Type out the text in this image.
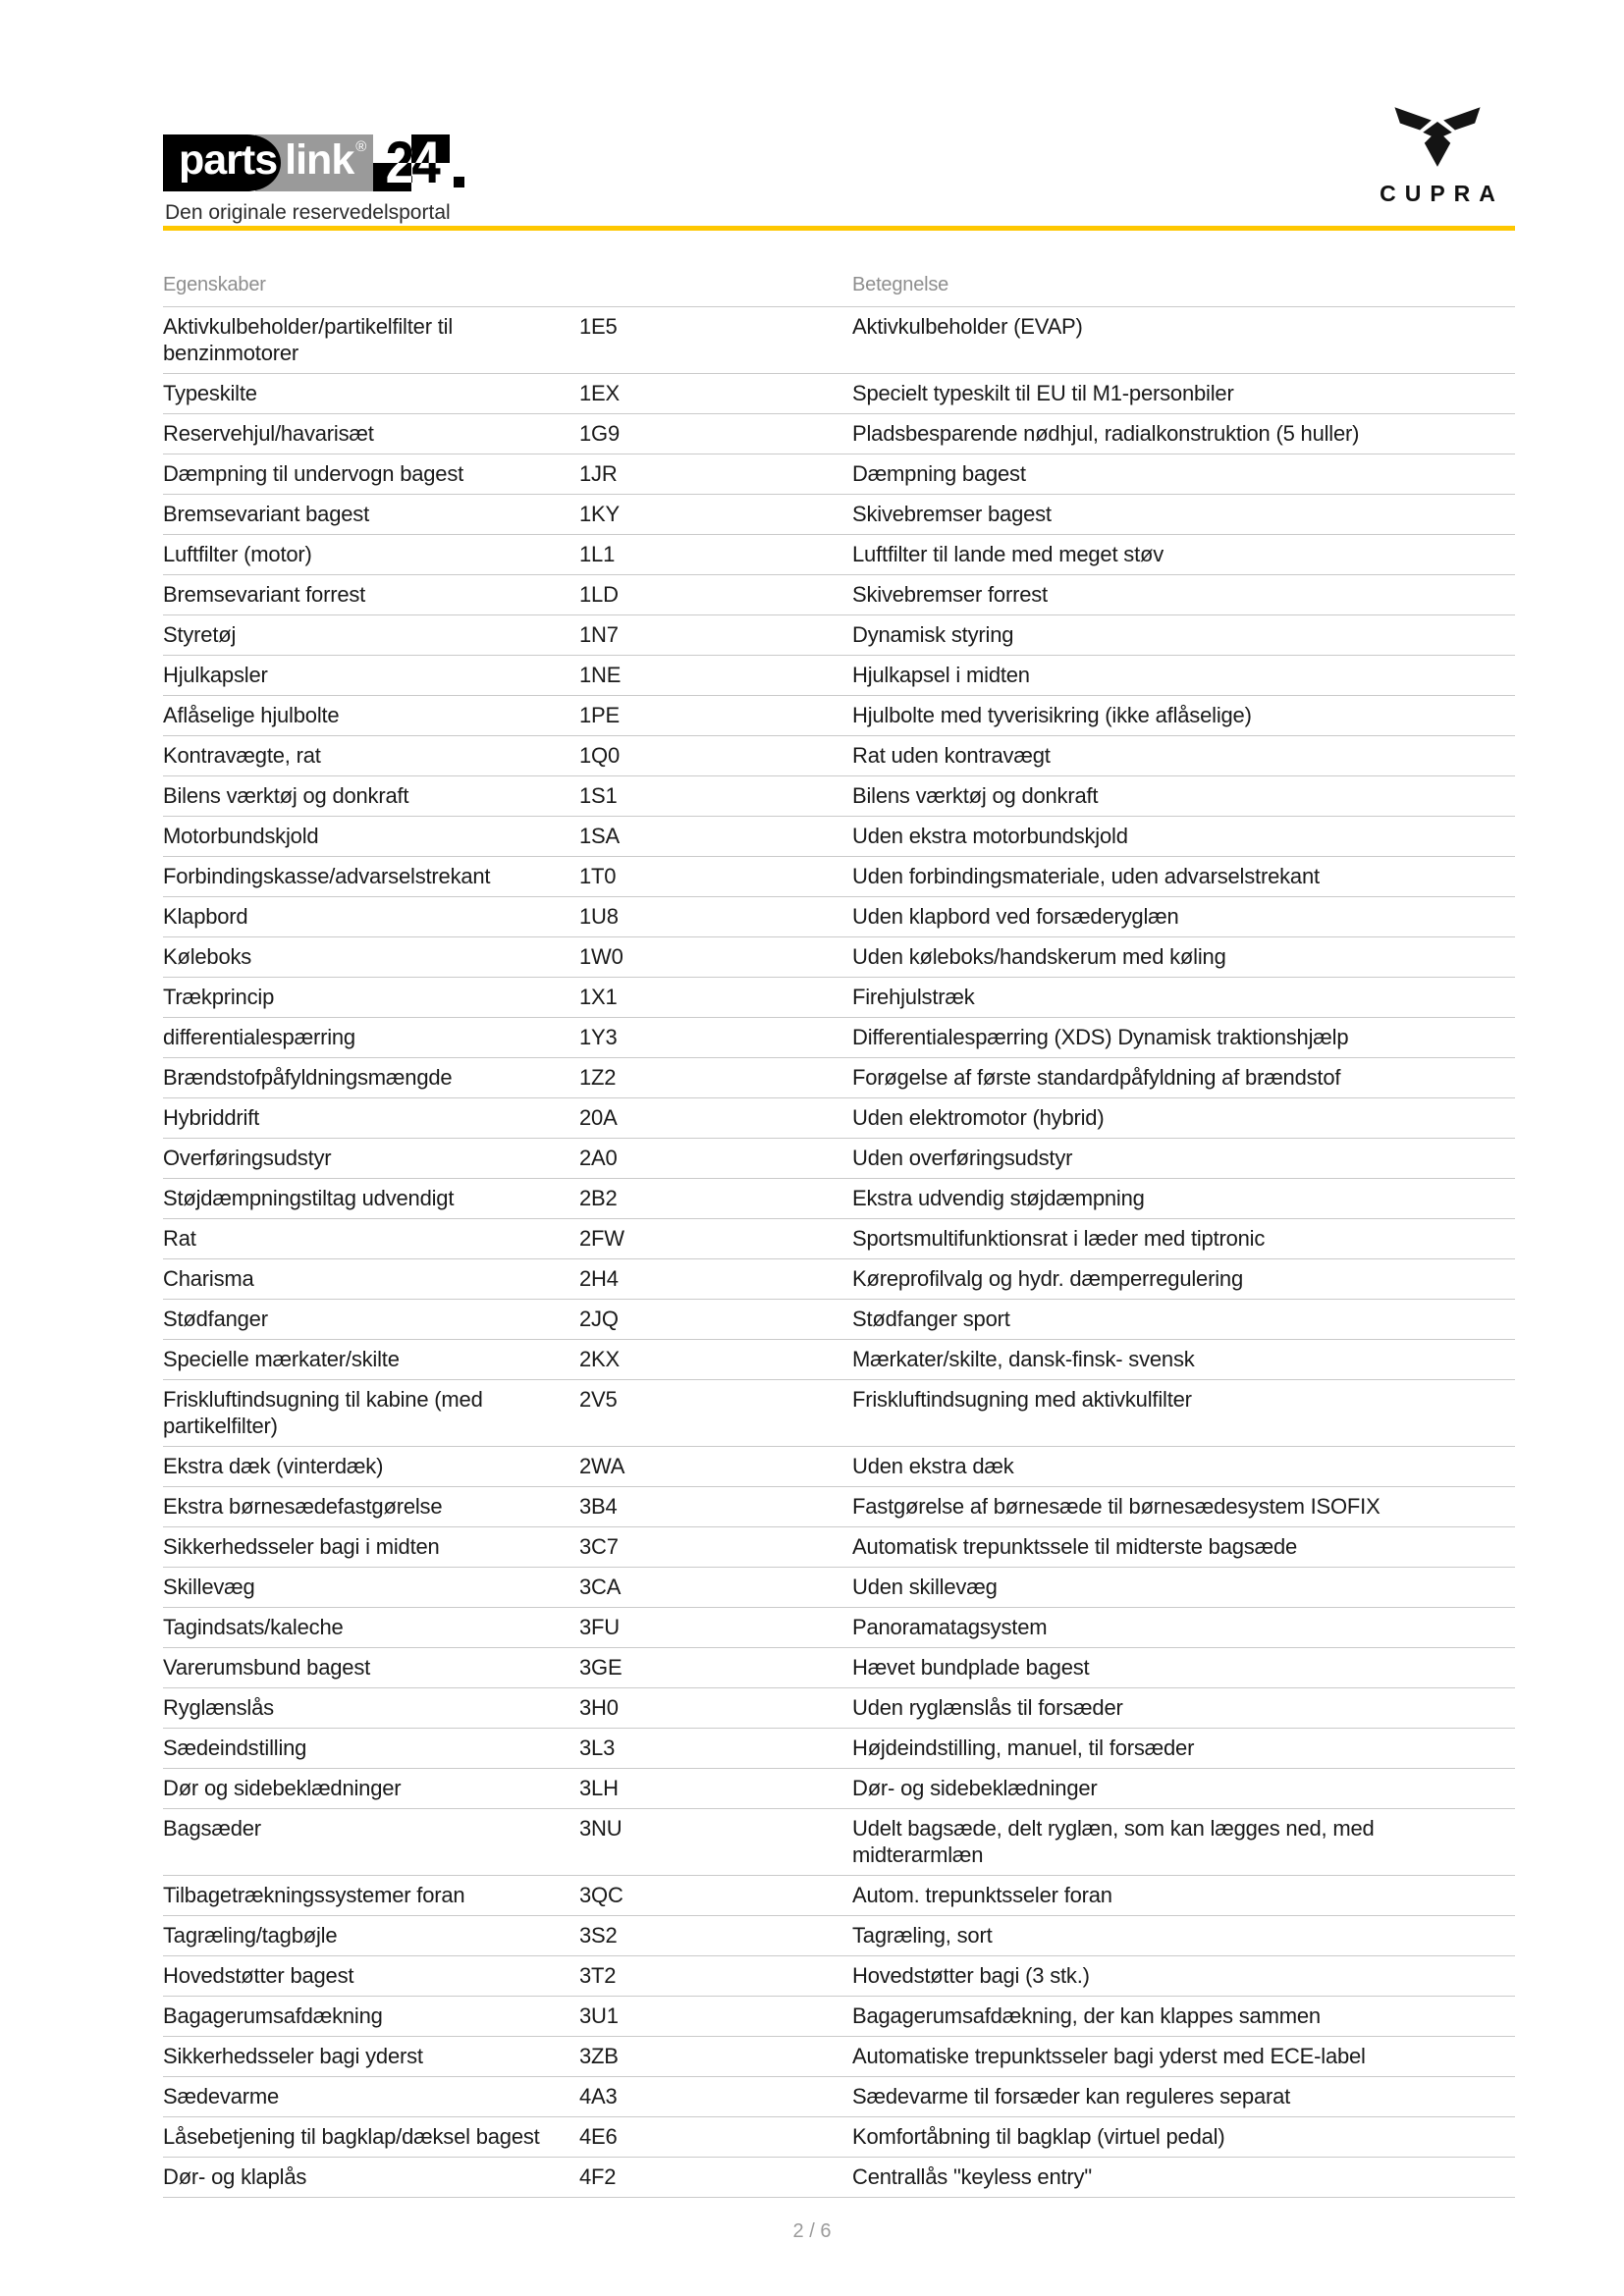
parts link ® 24
Den originale reservedelsportal
CUPRA
Egenskaber	Betegnelse
Aktivkulbeholder/partikelfilter til benzinmotorer
1E5	Aktivkulbeholder (EVAP)
Typeskilte	1EX	Specielt typeskilt til EU til M1-personbiler
Reservehjul/havarisæt	1G9	Pladsbesparende nødhjul, radialkonstruktion (5 huller)
Dæmpning til undervogn bagest	1JR	Dæmpning bagest
Bremsevariant bagest	1KY	Skivebremser bagest
Luftfilter (motor)	1L1	Luftfilter til lande med meget støv
Bremsevariant forrest	1LD	Skivebremser forrest
Styretøj	1N7	Dynamisk styring
Hjulkapsler	1NE	Hjulkapsel i midten
Aflåselige hjulbolte	1PE	Hjulbolte med tyverisikring (ikke aflåselige)
Kontravægte, rat	1Q0	Rat uden kontravægt
Bilens værktøj og donkraft	1S1	Bilens værktøj og donkraft
Motorbundskjold	1SA	Uden ekstra motorbundskjold
Forbindingskasse/advarselstrekant	1T0	Uden forbindingsmateriale, uden advarselstrekant
Klapbord	1U8	Uden klapbord ved forsæderyglæn
Køleboks	1W0	Uden køleboks/handskerum med køling
Trækprincip	1X1	Firehjulstræk
differentialespærring	1Y3	Differentialespærring (XDS) Dynamisk traktionshjælp
Brændstofpåfyldningsmængde	1Z2	Forøgelse af første standardpåfyldning af brændstof
Hybriddrift	20A	Uden elektromotor (hybrid)
Overføringsudstyr	2A0	Uden overføringsudstyr
Støjdæmpningstiltag udvendigt	2B2	Ekstra udvendig støjdæmpning
Rat	2FW	Sportsmultifunktionsrat i læder med tiptronic
Charisma	2H4	Køreprofilvalg og hydr. dæmperregulering
Stødfanger	2JQ	Stødfanger sport
Specielle mærkater/skilte	2KX	Mærkater/skilte, dansk-finsk- svensk
Friskluftindsugning til kabine (med partikelfilter)
2V5	Friskluftindsugning med aktivkulfilter
Ekstra dæk (vinterdæk)	2WA	Uden ekstra dæk
Ekstra børnesædefastgørelse	3B4	Fastgørelse af børnesæde til børnesædesystem ISOFIX
Sikkerhedsseler bagi i midten	3C7	Automatisk trepunktssele til midterste bagsæde
Skillevæg	3CA	Uden skillevæg
Tagindsats/kaleche	3FU	Panoramatagsystem
Varerumsbund bagest	3GE	Hævet bundplade bagest
Ryglænslås	3H0	Uden ryglænslås til forsæder
Sædeindstilling	3L3	Højdeindstilling, manuel, til forsæder
Dør og sidebeklædninger	3LH	Dør- og sidebeklædninger
Bagsæder	3NU	Udelt bagsæde, delt ryglæn, som kan lægges ned, med midterarmlæn
Tilbagetrækningssystemer foran	3QC	Autom. trepunktsseler foran
Tagræling/tagbøjle	3S2	Tagræling, sort
Hovedstøtter bagest	3T2	Hovedstøtter bagi (3 stk.)
Bagagerumsafdækning	3U1	Bagagerumsafdækning, der kan klappes sammen
Sikkerhedsseler bagi yderst	3ZB	Automatiske trepunktsseler bagi yderst med ECE-label
Sædevarme	4A3	Sædevarme til forsæder kan reguleres separat
Låsebetjening til bagklap/dæksel bagest	4E6	Komfortåbning til bagklap (virtuel pedal)
Dør- og klaplås	4F2	Centrallås "keyless entry"
2 / 6
